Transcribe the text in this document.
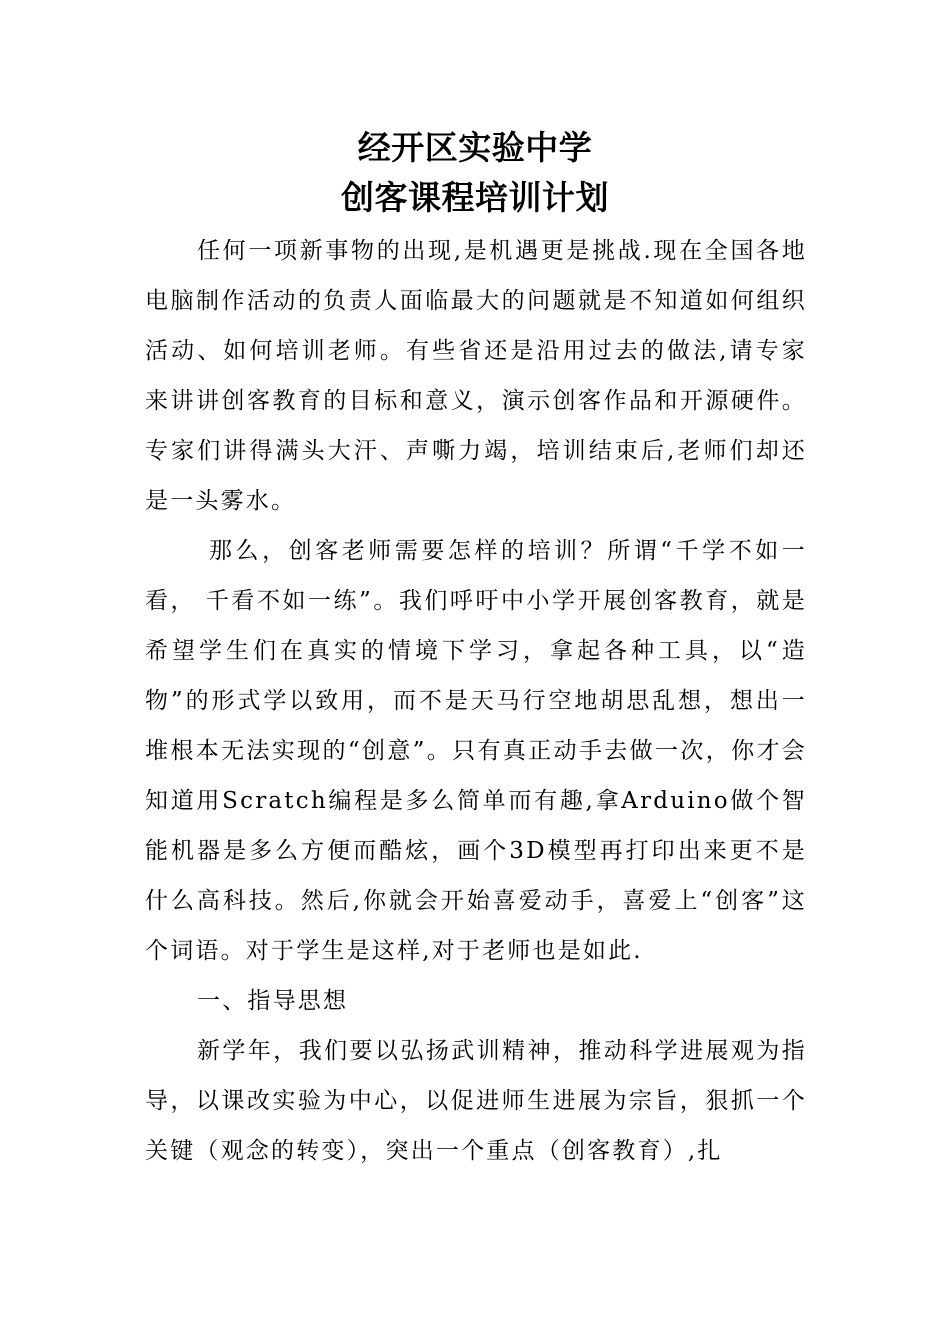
经开区实验中学
创客课程培训计划

任何一项新事物的出现,是机遇更是挑战.现在全国各地电脑制作活动的负责人面临最大的问题就是不知道如何组织活动、如何培训老师。有些省还是沿用过去的做法,请专家来讲讲创客教育的目标和意义，演示创客作品和开源硬件。专家们讲得满头大汗、声嘶力竭，培训结束后,老师们却还是一头雾水。

那么，创客老师需要怎样的培训？所谓“千学不如一看， 千看不如一练”。我们呼吁中小学开展创客教育，就是希望学生们在真实的情境下学习，拿起各种工具，以“造物”的形式学以致用，而不是天马行空地胡思乱想，想出一堆根本无法实现的“创意”。只有真正动手去做一次，你才会知道用Scratch编程是多么简单而有趣,拿Arduino做个智能机器是多么方便而酷炫，画个3D模型再打印出来更不是什么高科技。然后,你就会开始喜爱动手，喜爱上“创客”这个词语。对于学生是这样,对于老师也是如此.

一、指导思想

新学年，我们要以弘扬武训精神，推动科学进展观为指导，以课改实验为中心，以促进师生进展为宗旨，狠抓一个关键（观念的转变），突出一个重点（创客教育）,扎
